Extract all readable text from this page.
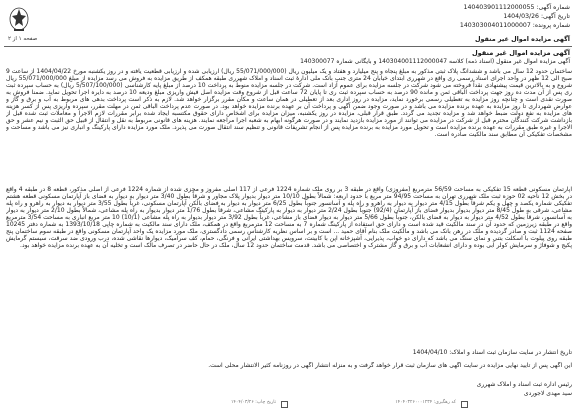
شماره آگهی: 140403901112000055
تاریخ آگهی: 1404/03/26
شماره پرونده: 140303004011000007
صفحه ۱ از ۲	آگهی مزایده اموال غیر منقول
آگهی مزایده اموال غیر منقول
آگهی مزایده اموال غیر منقول (اسناد ذمه) کلاسه 140304001112000047 و بایگانی شماره 140300077
ساختمان حدود 12 سال می باشد و ششدانگ پلاک ثبتی مذکور به مبلغ پنجاه و پنج میلیارد و هفتاد و یک میلیون ریال (55/071/000/000 ریال) ارزیابی شده و ارزیابی قطعیت یافته و در روز یکشنبه مورخ 1404/04/22 از ساعت 9 صبح الی 12 ظهر در واحد اجرای اسناد رسمی ری واقع در شهرری ابتدای خیابان 24 متری جنب بانک ملی ادارۀ ثبت اسناد و املاک شهرری طبقه همکف از طریق مزایده به فروش می رسد مزایده از مبلغ 55/071/000/000 ریال شروع و به بالاترین قیمت پیشنهادی نقداً فروخته می شود شرکت در جلسه مزایده برای عموم آزاد است. شرکت در جلسه مزایده منوط به پرداخت 10 درصد از مبلغ پایه کارشناسی (5/507/100/000 ریال) به حساب سپرده ثبت ری پس از آن مدت ده روز جهت پرداخت الباقی ثمن و مانده 90 درصد به حساب سپرده ثبت ری تا پایان 72 ساعت قبل از شروع وقت مزایده اصل فیش واریزی مبلغ ودیعه 10 درصد به دایره اجرا تحویل نماید. ضمنا فروش به صورت نقدی است و چنانچه روز مزایده به تعطیلی رسمی برخورد نماید، مزایده در روز اداری بعد از تعطیلی در همان ساعت و مکان مقرر برگزار خواهد شد. لازم به ذکر است پرداخت بدهی های مربوط به آب و برق و گاز و عوارض شهرداری تا روز مزایده به عهده برنده مزایده می باشد و در صورت وجود ضمن آگهی و پرداخت آن بر عهده برنده مزایده خواهد بود. در صورت عدم پرداخت الباقی ثمن در مهلت مقرر، سپرده واریزی پس از کسر هزینه های مزایده به نفع دولت ضبط خواهد شد و مزایده تجدید می گردد. طبق قرار قبلی، مزایده در روز یکشنبه، میزان مزایده برای اشخاص دارای حقوق مکتسبه ایجاد شده برابر مقررات لازم الاجرا و معاملات ثبت شده قبل از بازداشت شرکت کنندگان محترم قبل از شرکت در مزایده می توانند از مورد مزایده بازدید نمایند و در صورت هرگونه ابهام به شعبه اجرا مراجعه نمایند. هزینه های قانونی مربوط به نقل و انتقال از قبیل حق الثبت و نیم عشر و حق الاجرا و غیره طبق مقررات به عهده برنده مزایده است و تحویل مورد مزایده به برنده مزایده پس از انجام تشریفات قانونی و تنظیم سند انتقال صورت می پذیرد. ملک مورد مزایده دارای پارکینگ و انباری نیز می باشد و مساحت و مشخصات تفکیکی آن مطابق سند مالکیت صادره است.
آپارتمان مسکونی قطعه 15 تفکیکی به مساحت 56/59 مترمربع (مفروزی) واقع در طبقه 3 بر روی ملک شماره 1224 فرعی از 117 اصلی مفروز و مجزی شده از شماره 1224 فرعی از اصلی مذکور، قطعه 8 در طبقه 4 واقع در بخش 12 ناحیه 02 حوزه ثبت ملک شهرری تهران به مساحت 94/95 متر مربع با حدود اربعه: شمالاً بطول 10/10 متر دیوار بدیوار پلاک مجاور و شرقاً بطول 3/40 متر دیوار به دیوار به فضای باز آپارتمان مسکونی قطعه هشتم تفکیکی شماره یکصد و چهل و یکم شرقاً بطول 4/15 متر دیوار به دیوار به راهرو و راه پله و آسانسور جنوباً بطول 6/25 متر دیوار به دیوار به فضای بالکن آپارتمان مسکونی، غرباً بطول 3/55 متر دیوار به دیوار به راهرو و راه پله مشاعی، شرقی به طول 8/45 متر دیوار بدیوار بدیوار فضای باز آپارتمان (92/4) جنوباً بطول 2/24 متر دیوار به دیوار به پارکینگ مشاعی، شرقاً بطول 1/76 متر دیوار بدیوار به راه پله مشاعی، شمالاً بطول 2/10 متر دیوار به دیوار به آسانسور، شرقاً بطول 4/52 متر دیوار به دیوار به فضای بالکن، جنوباً بطول 5/66 متر دیوار به دیوار فضای باز مشاعی، غرباً بطول 3/92 متر دیوار بدیوار به راه پله مشاعی (10/1) 10 متر مربع انباری به مساحت 3/54 مترمربع واقع در طبقه زیرزمین که حدود آن در سند مالکیت قید شده است و دارای حق استفاده از پارکینگ شماره 7 به مساحت 12 مترمربع واقع در همکف، ملک دارای سند مالکیت به شماره چاپی 1393/10/18 به شماره دفتر 10245 صفحه 1124 ثبت و صادر گردیده و ملک در رهن بانک می باشد و مالکیت ملک بنام آقای حمید ... است و بر اساس نظریه کارشناس رسمی دادگستری، ملک مورد مزایده یک واحد آپارتمان مسکونی واقع در طبقه سوم ساختمان پنج طبقه روی پیلوت با اسکلت بتنی و نمای سنگ می باشد که دارای دو خواب، پذیرایی، آشپزخانه اپن با کابینت، سرویس بهداشتی ایرانی و فرنگی، حمام، کف سرامیک، دیوارها نقاشی شده، درب ورودی ضد سرقت، سیستم گرمایش پکیج و شوفاژ و سرمایش کولر آبی بوده و دارای انشعابات آب و برق و گاز مشترک و اختصاصی می باشد. قدمت ساختمان حدود 12 سال، ملک در حال حاضر در تصرف مالک است و تخلیه آن به عهده برنده مزایده خواهد بود.
تاریخ انتشار در سایت سازمان ثبت اسناد و املاک: 1404/04/10
این آگهی پس از تایید نهایی مزایده در سایت آگهی های سازمان ثبت قرار خواهد گرفت و به منزله انتشار آگهی در روزنامه کثیر الانتشار محلی است.
رئیس اداره ثبت اسناد و املاک شهرری
سید مهدی لاجوردی
کد رهگیری: ۱۴۰۴۰۳۲۶۰۰۰۱۲۳۴
تاریخ چاپ: ۱۴۰۴/۰۳/۲۶
